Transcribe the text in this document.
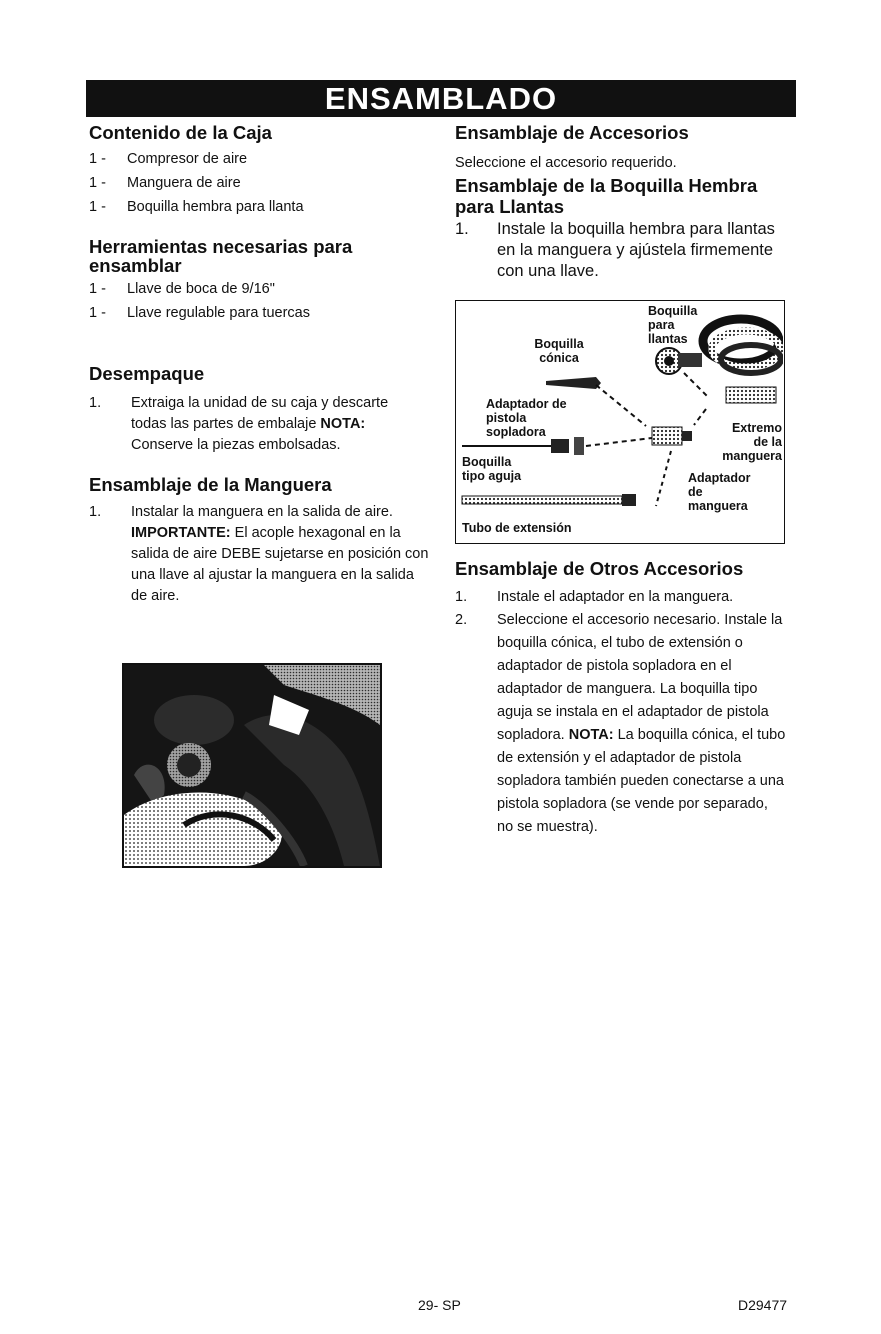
ENSAMBLADO
Contenido de la Caja
1 - Compresor de aire
1 - Manguera de aire
1 - Boquilla hembra para llanta
Herramientas necesarias para ensamblar
1 - Llave de boca de 9/16"
1 - Llave regulable para tuercas
Desempaque
1. Extraiga la unidad de su caja y descarte todas las partes de embalaje NOTA: Conserve la piezas embolsadas.
Ensamblaje de la Manguera
1. Instalar la manguera en la salida de aire. IMPORTANTE: El acople hexagonal en la salida de aire DEBE sujetarse en posición con una llave al ajustar la manguera en la salida de aire.
Ensamblaje de Accesorios

Seleccione el accesorio requerido.

Ensamblaje de la Boquilla Hembra para Llantas
1. Instale la boquilla hembra para llantas en la manguera y ajústela firmemente con una llave.
Boquilla para llantas
Boquilla cónica
Adaptador de pistola sopladora	Extremo de la manguera
Boquilla tipo aguja	Adaptador de manguera
Tubo de extensión
Ensamblaje de Otros Accesorios
1. Instale el adaptador en la manguera.
2. Seleccione el accesorio necesario. Instale la boquilla cónica, el tubo de extensión o adaptador de pistola sopladora en el adaptador de manguera. La boquilla tipo aguja se instala en el adaptador de pistola sopladora. NOTA: La boquilla cónica, el tubo de extensión y el adaptador de pistola sopladora también pueden conectarse a una pistola sopladora (se vende por separado, no se muestra).
29- SP	D29477
